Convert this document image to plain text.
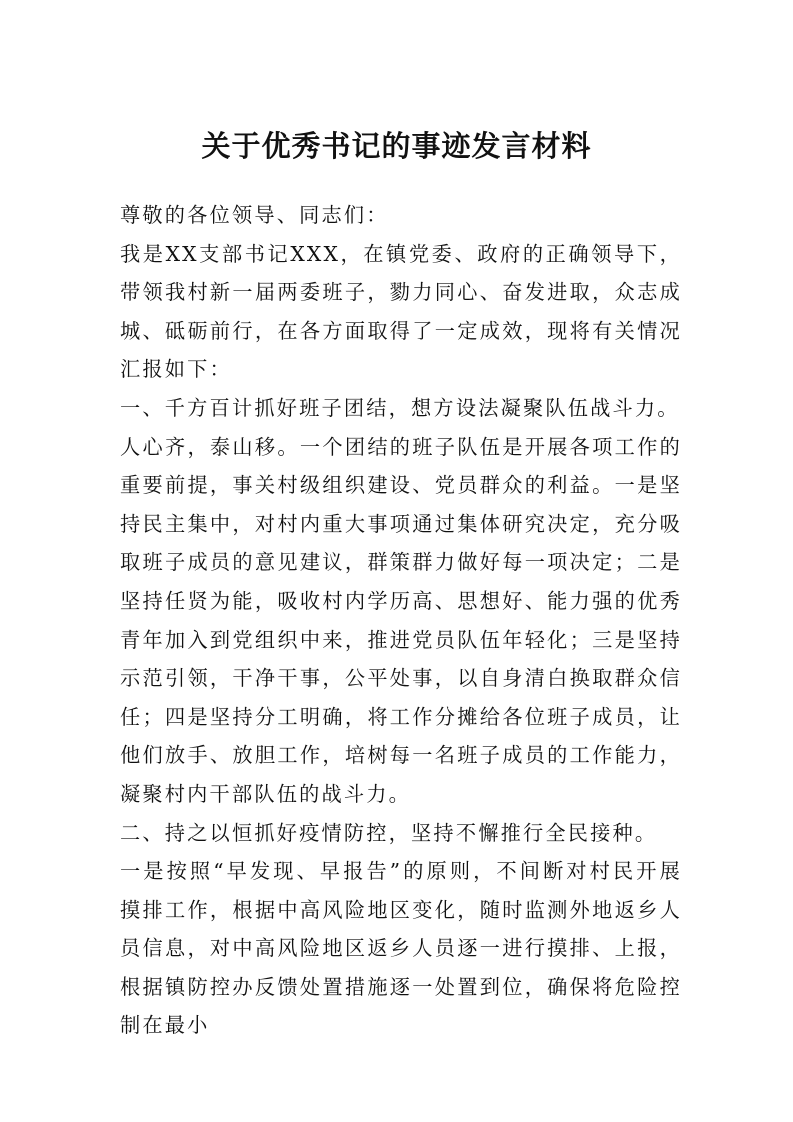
关于优秀书记的事迹发言材料

尊敬的各位领导、同志们：

我是XX支部书记XXX，在镇党委、政府的正确领导下，带领我村新一届两委班子，勠力同心、奋发进取，众志成城、砥砺前行，在各方面取得了一定成效，现将有关情况汇报如下：

一、千方百计抓好班子团结，想方设法凝聚队伍战斗力。

人心齐，泰山移。一个团结的班子队伍是开展各项工作的重要前提，事关村级组织建设、党员群众的利益。一是坚持民主集中，对村内重大事项通过集体研究决定，充分吸取班子成员的意见建议，群策群力做好每一项决定；二是坚持任贤为能，吸收村内学历高、思想好、能力强的优秀青年加入到党组织中来，推进党员队伍年轻化；三是坚持示范引领，干净干事，公平处事，以自身清白换取群众信任；四是坚持分工明确，将工作分摊给各位班子成员，让他们放手、放胆工作，培树每一名班子成员的工作能力，凝聚村内干部队伍的战斗力。

二、持之以恒抓好疫情防控，坚持不懈推行全民接种。

一是按照“早发现、早报告”的原则，不间断对村民开展摸排工作，根据中高风险地区变化，随时监测外地返乡人员信息，对中高风险地区返乡人员逐一进行摸排、上报，根据镇防控办反馈处置措施逐一处置到位，确保将危险控制在最小
